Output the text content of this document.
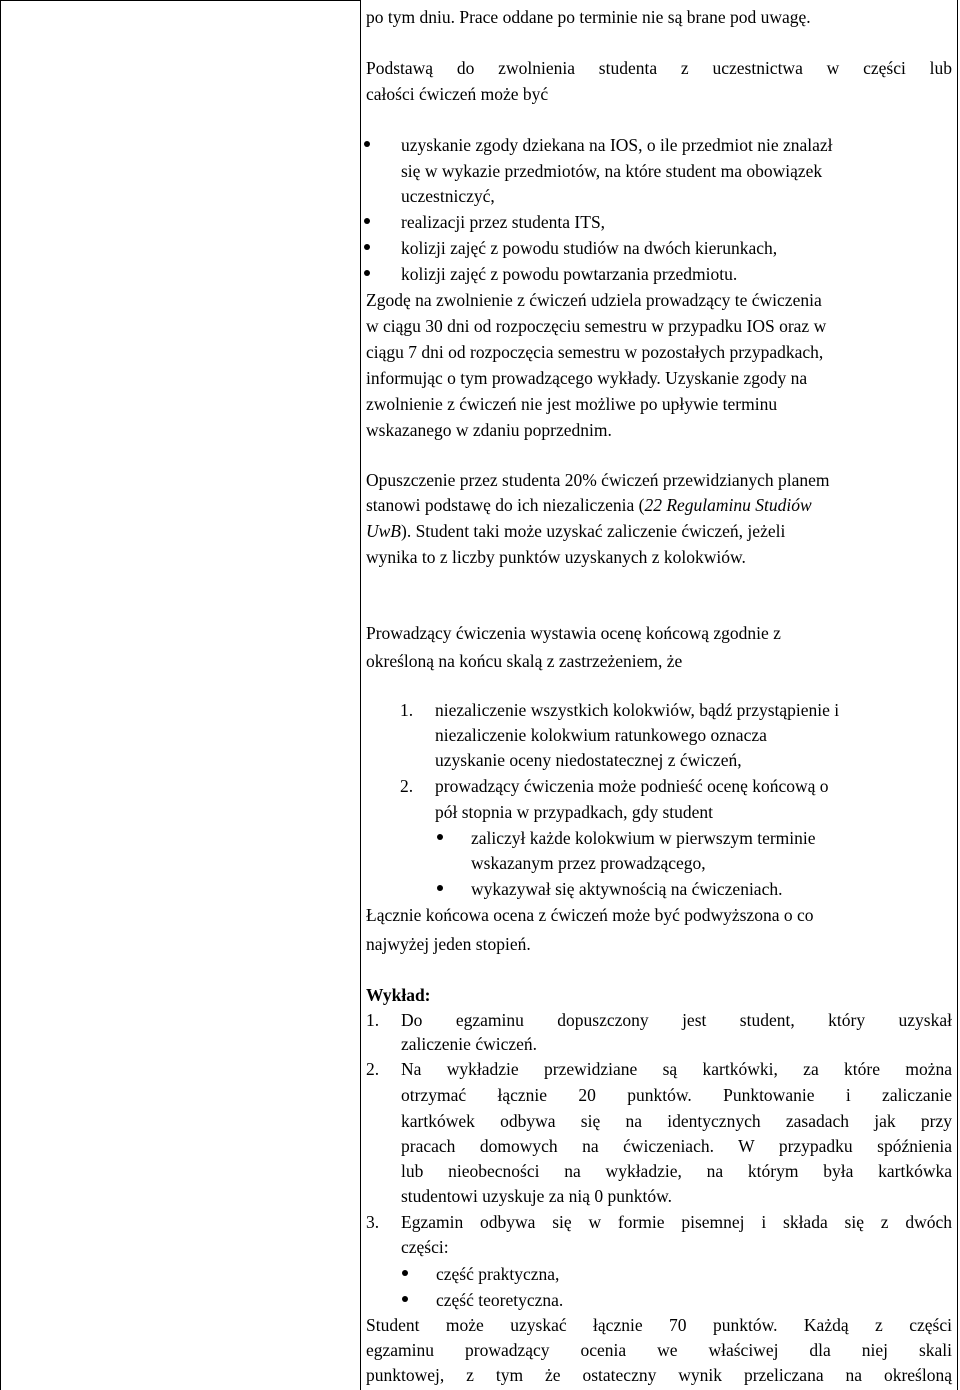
po tym dniu. Prace oddane po terminie nie są brane pod uwagę.
Podstawą do zwolnienia studenta z uczestnictwa w części lub
całości ćwiczeń może być
uzyskanie zgody dziekana na IOS, o ile przedmiot nie znalazł
się w wykazie przedmiotów, na które student ma obowiązek
uczestniczyć,
realizacji przez studenta ITS,
kolizji zajęć z powodu studiów na dwóch kierunkach,
kolizji zajęć z powodu powtarzania przedmiotu.
Zgodę na zwolnienie z ćwiczeń udziela prowadzący te ćwiczenia
w ciągu 30 dni od rozpoczęciu semestru w przypadku IOS oraz w
ciągu 7 dni od rozpoczęcia semestru w pozostałych przypadkach,
informując o tym prowadzącego wykłady. Uzyskanie zgody na
zwolnienie z ćwiczeń nie jest możliwe po upływie terminu
wskazanego w zdaniu poprzednim.
Opuszczenie przez studenta 20% ćwiczeń przewidzianych planem
stanowi podstawę do ich niezaliczenia (22 Regulaminu Studiów
UwB). Student taki może uzyskać zaliczenie ćwiczeń, jeżeli
wynika to z liczby punktów uzyskanych z kolokwiów.
Prowadzący ćwiczenia wystawia ocenę końcową zgodnie z
określoną na końcu skalą z zastrzeżeniem, że
1. niezaliczenie wszystkich kolokwiów, bądź przystąpienie i
niezaliczenie kolokwium ratunkowego oznacza
uzyskanie oceny niedostatecznej z ćwiczeń,
2. prowadzący ćwiczenia może podnieść ocenę końcową o
pół stopnia w przypadkach, gdy student
zaliczył każde kolokwium w pierwszym terminie
wskazanym przez prowadzącego,
wykazywał się aktywnością na ćwiczeniach.
Łącznie końcowa ocena z ćwiczeń może być podwyższona o co
najwyżej jeden stopień.
Wykład:
1. Do egzaminu dopuszczony jest student, który uzyskał
zaliczenie ćwiczeń.
2. Na wykładzie przewidziane są kartkówki, za które można
otrzymać łącznie 20 punktów. Punktowanie i zaliczanie
kartkówek odbywa się na identycznych zasadach jak przy
pracach domowych na ćwiczeniach. W przypadku spóźnienia
lub nieobecności na wykładzie, na którym była kartkówka
studentowi uzyskuje za nią 0 punktów.
3. Egzamin odbywa się w formie pisemnej i składa się z dwóch
części:
część praktyczna,
część teoretyczna.
Student może uzyskać łącznie 70 punktów. Każdą z części
egzaminu prowadzący ocenia we właściwej dla niej skali
punktowej, z tym że ostateczny wynik przeliczana na określoną
